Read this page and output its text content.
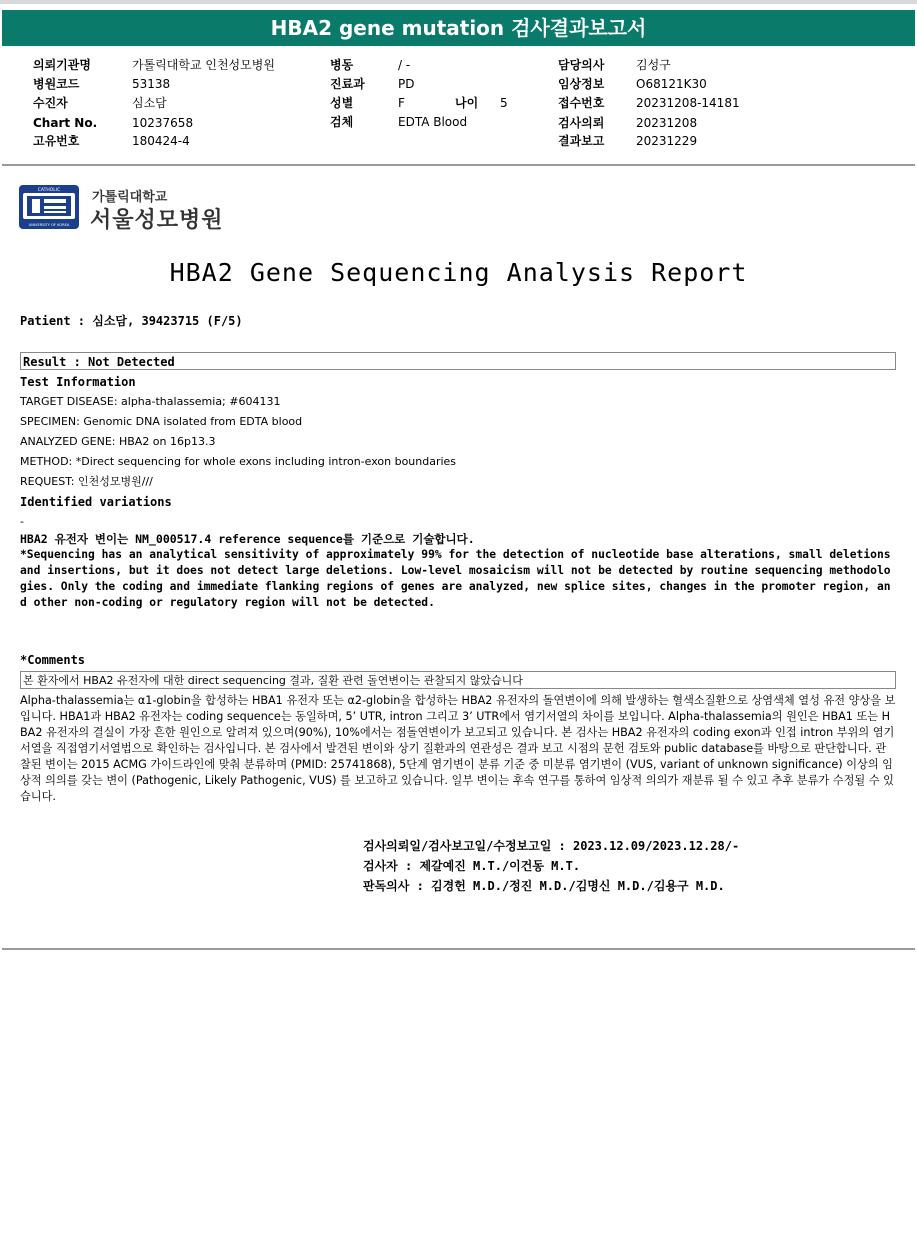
HBA2 gene mutation 검사결과보고서
의뢰기관명	가톨릭대학교 인천성모병원
병원코드	53138
수진자	심소담
Chart No.	10237658
고유번호	180424-4
병동	/ -
진료과	PD
성별	F	나이 5
검체	EDTA Blood
담당의사	김성구
임상정보	O68121K30
접수번호	20231208-14181
검사의뢰	20231208
결과보고	20231229
CATHOLIC
UNIVERSITY OF KOREA
가톨릭대학교
서울성모병원
HBA2 Gene Sequencing Analysis Report
Patient : 심소담, 39423715 (F/5)
Result : Not Detected
Test Information
TARGET DISEASE: alpha-thalassemia; #604131
SPECIMEN: Genomic DNA isolated from EDTA blood
ANALYZED GENE: HBA2 on 16p13.3
METHOD: *Direct sequencing for whole exons including intron-exon boundaries
REQUEST: 인천성모병원///
Identified variations
-
HBA2 유전자 변이는 NM_000517.4 reference sequence를 기준으로 기술합니다.
*Sequencing has an analytical sensitivity of approximately 99% for the detection of nucleotide base alterations, small deletions and insertions, but it does not detect large deletions. Low-level mosaicism will not be detected by routine sequencing methodologies. Only the coding and immediate flanking regions of genes are analyzed, new splice sites, changes in the promoter region, and other non-coding or regulatory region will not be detected.
*Comments
본 환자에서 HBA2 유전자에 대한 direct sequencing 결과, 질환 관련 돌연변이는 관찰되지 않았습니다
Alpha-thalassemia는 α1-globin을 합성하는 HBA1 유전자 또는 α2-globin을 합성하는 HBA2 유전자의 돌연변이에 의해 발생하는 혈색소질환으로 상염색체 열성 유전 양상을 보입니다. HBA1과 HBA2 유전자는 coding sequence는 동일하며, 5’ UTR, intron 그리고 3’ UTR에서 염기서열의 차이를 보입니다. Alpha-thalassemia의 원인은 HBA1 또는 HBA2 유전자의 결실이 가장 흔한 원인으로 알려져 있으며(90%), 10%에서는 점돌연변이가 보고되고 있습니다. 본 검사는 HBA2 유전자의 coding exon과 인접 intron 부위의 염기서열을 직접염기서열법으로 확인하는 검사입니다. 본 검사에서 발견된 변이와 상기 질환과의 연관성은 결과 보고 시점의 문헌 검토와 public database를 바탕으로 판단합니다. 관찰된 변이는 2015 ACMG 가이드라인에 맞춰 분류하며 (PMID: 25741868), 5단계 염기변이 분류 기준 중 미분류 염기변이 (VUS, variant of unknown significance) 이상의 임상적 의의를 갖는 변이 (Pathogenic, Likely Pathogenic, VUS) 를 보고하고 있습니다. 일부 변이는 후속 연구를 통하여 임상적 의의가 재분류 될 수 있고 추후 분류가 수정될 수 있습니다.
검사의뢰일/검사보고일/수정보고일 : 2023.12.09/2023.12.28/-
검사자 : 제갈예진 M.T./이건동 M.T.
판독의사 : 김경헌 M.D./정진 M.D./김명신 M.D./김용구 M.D.
